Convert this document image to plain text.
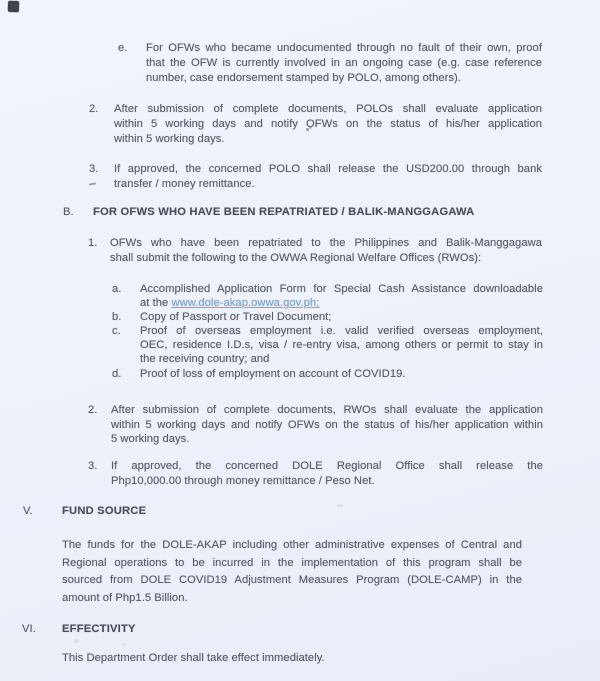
e. For OFWs who became undocumented through no fault of their own, proof
that the OFW is currently involved in an ongoing case (e.g. case reference
number, case endorsement stamped by POLO, among others).
2. After submission of complete documents, POLOs shall evaluate application
within 5 working days and notify OFWs on the status of his/her application
within 5 working days.
3. If approved, the concerned POLO shall release the USD200.00 through bank
transfer / money remittance.
B. FOR OFWS WHO HAVE BEEN REPATRIATED / BALIK-MANGGAGAWA
1. OFWs who have been repatriated to the Philippines and Balik-Manggagawa
shall submit the following to the OWWA Regional Welfare Offices (RWOs):
a. Accomplished Application Form for Special Cash Assistance downloadable
at the www.dole-akap.owwa.gov.ph;
b. Copy of Passport or Travel Document;
c. Proof of overseas employment i.e. valid verified overseas employment,
OEC, residence I.D.s, visa / re-entry visa, among others or permit to stay in
the receiving country; and
d. Proof of loss of employment on account of COVID19.
2. After submission of complete documents, RWOs shall evaluate the application
within 5 working days and notify OFWs on the status of his/her application within
5 working days.
3. If approved, the concerned DOLE Regional Office shall release the
Php10,000.00 through money remittance / Peso Net.
V.	FUND SOURCE
The funds for the DOLE-AKAP including other administrative expenses of Central and
Regional operations to be incurred in the implementation of this program shall be
sourced from DOLE COVID19 Adjustment Measures Program (DOLE-CAMP) in the
amount of Php1.5 Billion.
VI. EFFECTIVITY
This Department Order shall take effect immediately.
